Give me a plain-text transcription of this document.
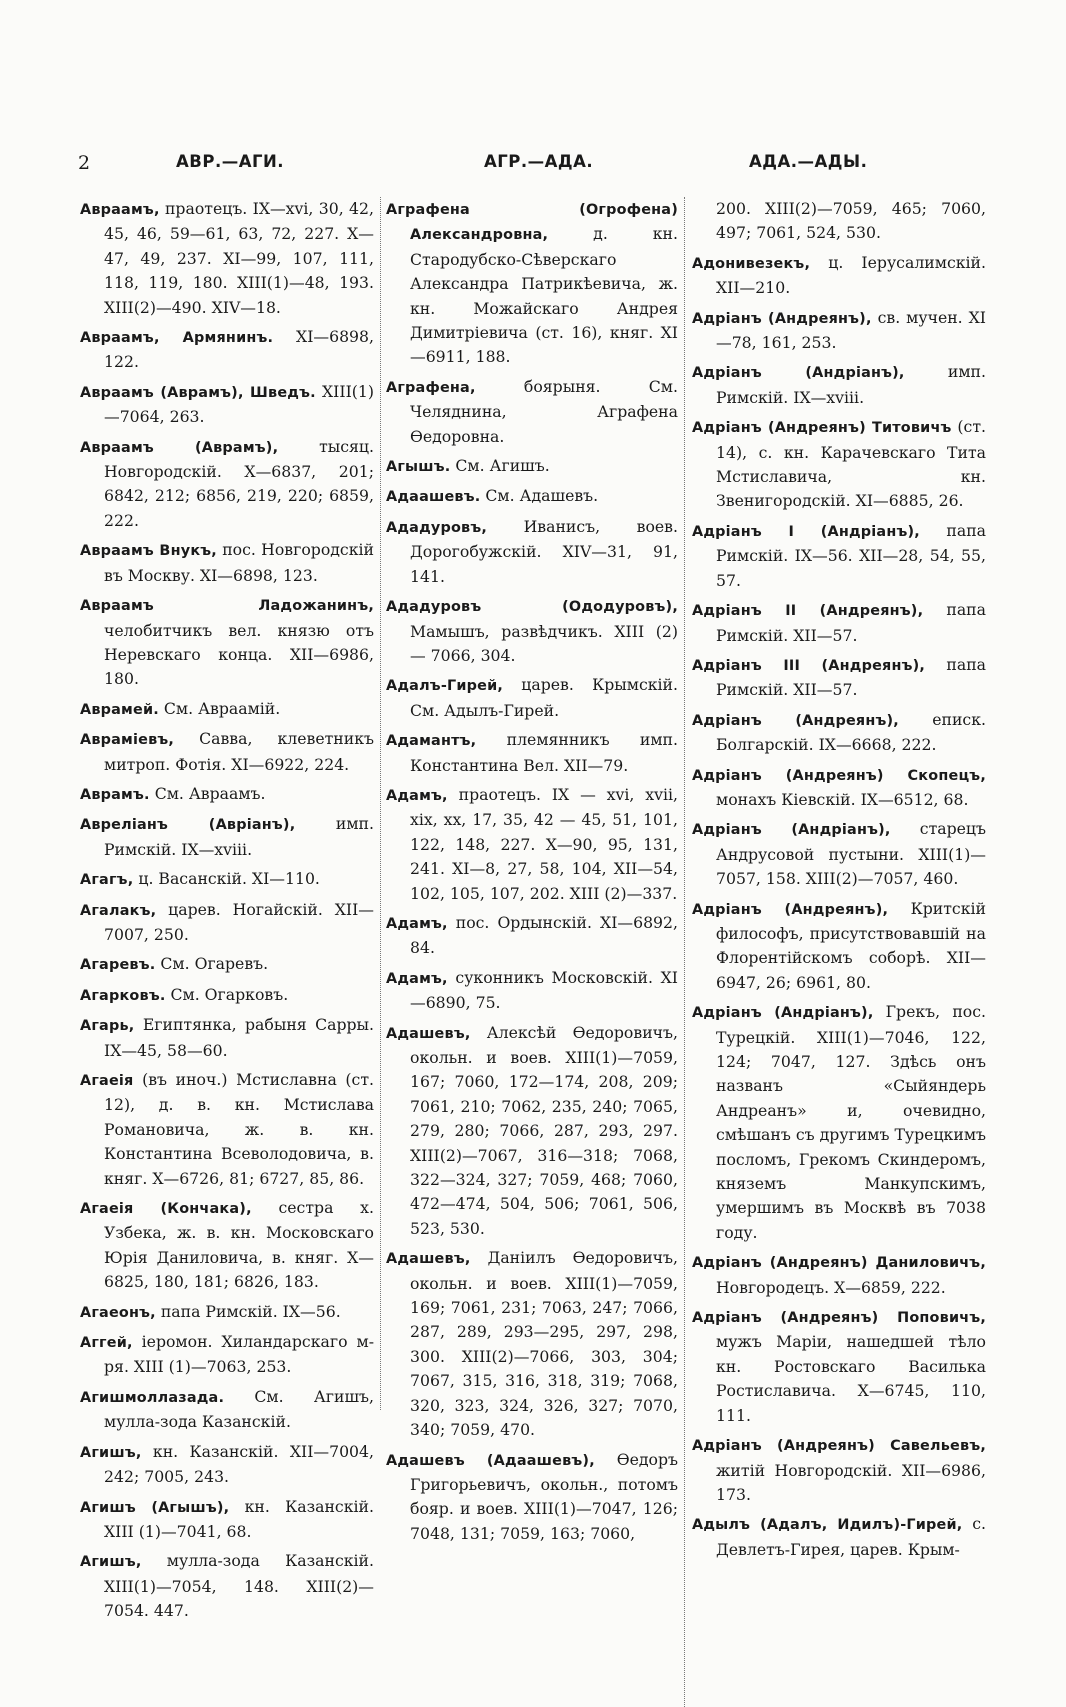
2	АВР.—АГИ.	АГР.—АДА.	АДА.—АДЫ.
Авраамъ, праотецъ. IX—xvi, 30, 42, 45, 46, 59—61, 63, 72, 227. X—47, 49, 237. XI—99, 107, 111, 118, 119, 180. XIII(1)—48, 193. XIII(2)—490. XIV—18.
Авраамъ, Армянинъ. XI—6898, 122.
Авраамъ (Аврамъ), Шведъ. XIII(1)—7064, 263.
Авраамъ (Аврамъ), тысяц. Новгородскій. X—6837, 201; 6842, 212; 6856, 219, 220; 6859, 222.
Авраамъ Внукъ, пос. Новгородскій въ Москву. XI—6898, 123.
Авраамъ Ладожанинъ, челобитчикъ вел. князю отъ Неревскаго конца. XII—6986, 180.
Аврамей. См. Авраамій.
Авраміевъ, Савва, клеветникъ митроп. Фотія. XI—6922, 224.
Аврамъ. См. Авраамъ.
Авреліанъ (Авріанъ), имп. Римскій. IX—xviii.
Агагъ, ц. Васанскій. XI—110.
Агалакъ, царев. Ногайскій. XII—7007, 250.
Агаревъ. См. Огаревъ.
Агарковъ. См. Огарковъ.
Агарь, Египтянка, рабыня Сарры. IX—45, 58—60.
Агаеія (въ иноч.) Мстиславна (ст. 12), д. в. кн. Мстислава Романовича, ж. в. кн. Константина Всеволодовича, в. княг. X—6726, 81; 6727, 85, 86.
Агаеія (Кончака), сестра х. Узбека, ж. в. кн. Московскаго Юрія Даниловича, в. княг. X—6825, 180, 181; 6826, 183.
Агаеонъ, папа Римскій. IX—56.
Аггей, іеромон. Хиландарскаго м-ря. XIII (1)—7063, 253.
Агишмоллазада. См. Агишъ, мулла-зода Казанскій.
Агишъ, кн. Казанскій. XII—7004, 242; 7005, 243.
Агишъ (Агышъ), кн. Казанскій. XIII (1)—7041, 68.
Агишъ, мулла-зода Казанскій. XIII(1)—7054, 148. XIII(2)—7054. 447.
Аграфена (Огрофена) Александровна, д. кн. Стародубско-Сѣверскаго Александра Патрикѣевича, ж. кн. Можайскаго Андрея Димитріевича (ст. 16), княг. XI—6911, 188.
Аграфена, боярыня. См. Челяднина, Аграфена Өедоровна.
Агышъ. См. Агишъ.
Адаашевъ. См. Адашевъ.
Ададуровъ, Иванисъ, воев. Дорогобужскій. XIV—31, 91, 141.
Ададуровъ (Ододуровъ), Мамышъ, развѣдчикъ. XIII (2) — 7066, 304.
Адалъ-Гирей, царев. Крымскій. См. Адылъ-Гирей.
Адамантъ, племянникъ имп. Константина Вел. XII—79.
Адамъ, праотецъ. IX — xvi, xvii, xix, xx, 17, 35, 42 — 45, 51, 101, 122, 148, 227. X—90, 95, 131, 241. XI—8, 27, 58, 104, XII—54, 102, 105, 107, 202. XIII (2)—337.
Адамъ, пос. Ордынскій. XI—6892, 84.
Адамъ, суконникъ Московскій. XI—6890, 75.
Адашевъ, Алексѣй Өедоровичъ, окольн. и воев. XIII(1)—7059, 167; 7060, 172—174, 208, 209; 7061, 210; 7062, 235, 240; 7065, 279, 280; 7066, 287, 293, 297. XIII(2)—7067, 316—318; 7068, 322—324, 327; 7059, 468; 7060, 472—474, 504, 506; 7061, 506, 523, 530.
Адашевъ, Даніилъ Өедоровичъ, окольн. и воев. XIII(1)—7059, 169; 7061, 231; 7063, 247; 7066, 287, 289, 293—295, 297, 298, 300. XIII(2)—7066, 303, 304; 7067, 315, 316, 318, 319; 7068, 320, 323, 324, 326, 327; 7070, 340; 7059, 470.
Адашевъ (Адаашевъ), Өедоръ Григорьевичъ, окольн., потомъ бояр. и воев. XIII(1)—7047, 126; 7048, 131; 7059, 163; 7060,
200. XIII(2)—7059, 465; 7060, 497; 7061, 524, 530.
Адонивезекъ, ц. Іерусалимскій. XII—210.
Адріанъ (Андреянъ), св. мучен. XI—78, 161, 253.
Адріанъ (Андріанъ), имп. Римскій. IX—xviii.
Адріанъ (Андреянъ) Титовичъ (ст. 14), с. кн. Карачевскаго Тита Мстиславича, кн. Звенигородскій. XI—6885, 26.
Адріанъ I (Андріанъ), папа Римскій. IX—56. XII—28, 54, 55, 57.
Адріанъ II (Андреянъ), папа Римскій. XII—57.
Адріанъ III (Андреянъ), папа Римскій. XII—57.
Адріанъ (Андреянъ), еписк. Болгарскій. IX—6668, 222.
Адріанъ (Андреянъ) Скопецъ, монахъ Кіевскій. IX—6512, 68.
Адріанъ (Андріанъ), старецъ Андрусовой пустыни. XIII(1)—7057, 158. XIII(2)—7057, 460.
Адріанъ (Андреянъ), Критскій философъ, присутствовавшій на Флорентійскомъ соборѣ. XII—6947, 26; 6961, 80.
Адріанъ (Андріанъ), Грекъ, пос. Турецкій. XIII(1)—7046, 122, 124; 7047, 127. Здѣсь онъ названъ «Сыйяндерь Андреанъ» и, очевидно, смѣшанъ съ другимъ Турецкимъ посломъ, Грекомъ Скиндеромъ, княземъ Манкупскимъ, умершимъ въ Москвѣ въ 7038 году.
Адріанъ (Андреянъ) Даниловичъ, Новгородецъ. X—6859, 222.
Адріанъ (Андреянъ) Поповичъ, мужъ Маріи, нашедшей тѣло кн. Ростовскаго Василька Ростиславича. X—6745, 110, 111.
Адріанъ (Андреянъ) Савельевъ, житій Новгородскій. XII—6986, 173.
Адылъ (Адалъ, Идилъ)-Гирей, с. Девлетъ-Гирея, царев. Крым-
